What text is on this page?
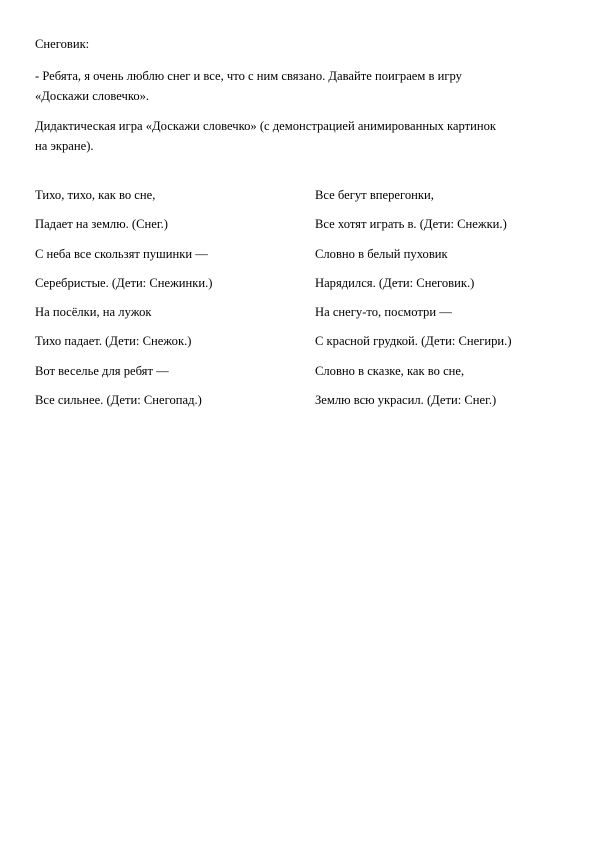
Снеговик:
- Ребята, я очень люблю снег и все, что с ним связано. Давайте поиграем в игру
«Доскажи словечко».
Дидактическая игра «Доскажи словечко» (с демонстрацией анимированных картинок
на экране).
Тихо, тихо, как во сне,
Падает на землю. (Снег.)
С неба все скользят пушинки —
Серебристые. (Дети: Снежинки.)
На посёлки, на лужок
Тихо падает. (Дети: Снежок.)
Вот веселье для ребят —
Все сильнее. (Дети: Снегопад.)
Все бегут вперегонки,
Все хотят играть в. (Дети: Снежки.)
Словно в белый пуховик
Нарядился. (Дети: Снеговик.)
На снегу-то, посмотри —
С красной грудкой. (Дети: Снегири.)
Словно в сказке, как во сне,
Землю всю украсил. (Дети: Снег.)
